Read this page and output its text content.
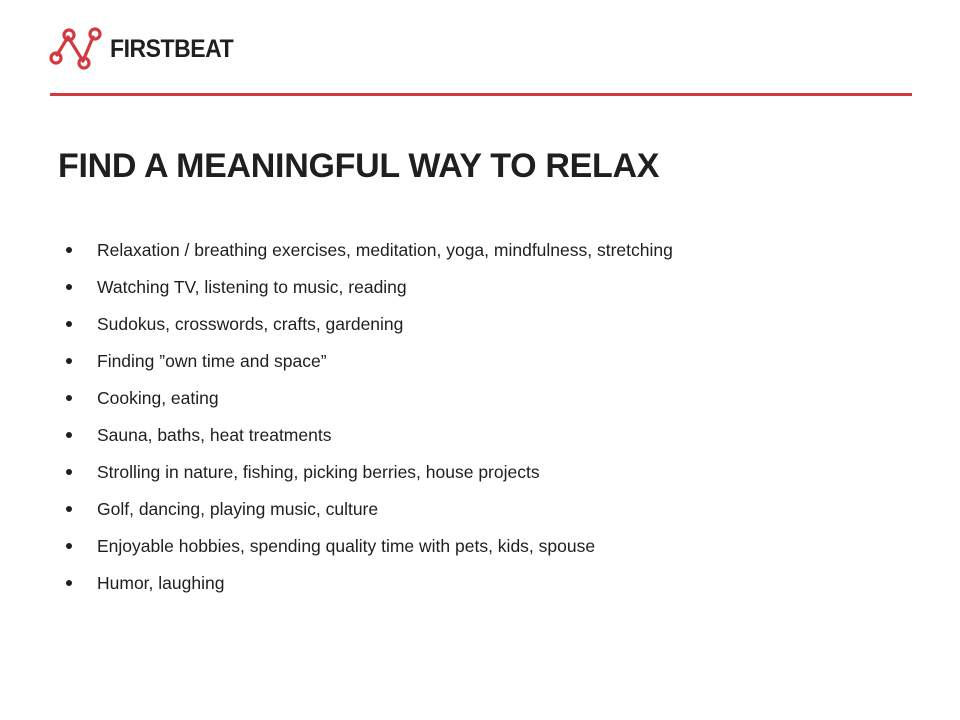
FIRSTBEAT
FIND A MEANINGFUL WAY TO RELAX
Relaxation / breathing exercises, meditation, yoga, mindfulness, stretching
Watching TV, listening to music, reading
Sudokus, crosswords, crafts, gardening
Finding ”own time and space”
Cooking, eating
Sauna, baths, heat treatments
Strolling in nature, fishing, picking berries, house projects
Golf, dancing, playing music, culture
Enjoyable hobbies, spending quality time with pets, kids, spouse
Humor, laughing
